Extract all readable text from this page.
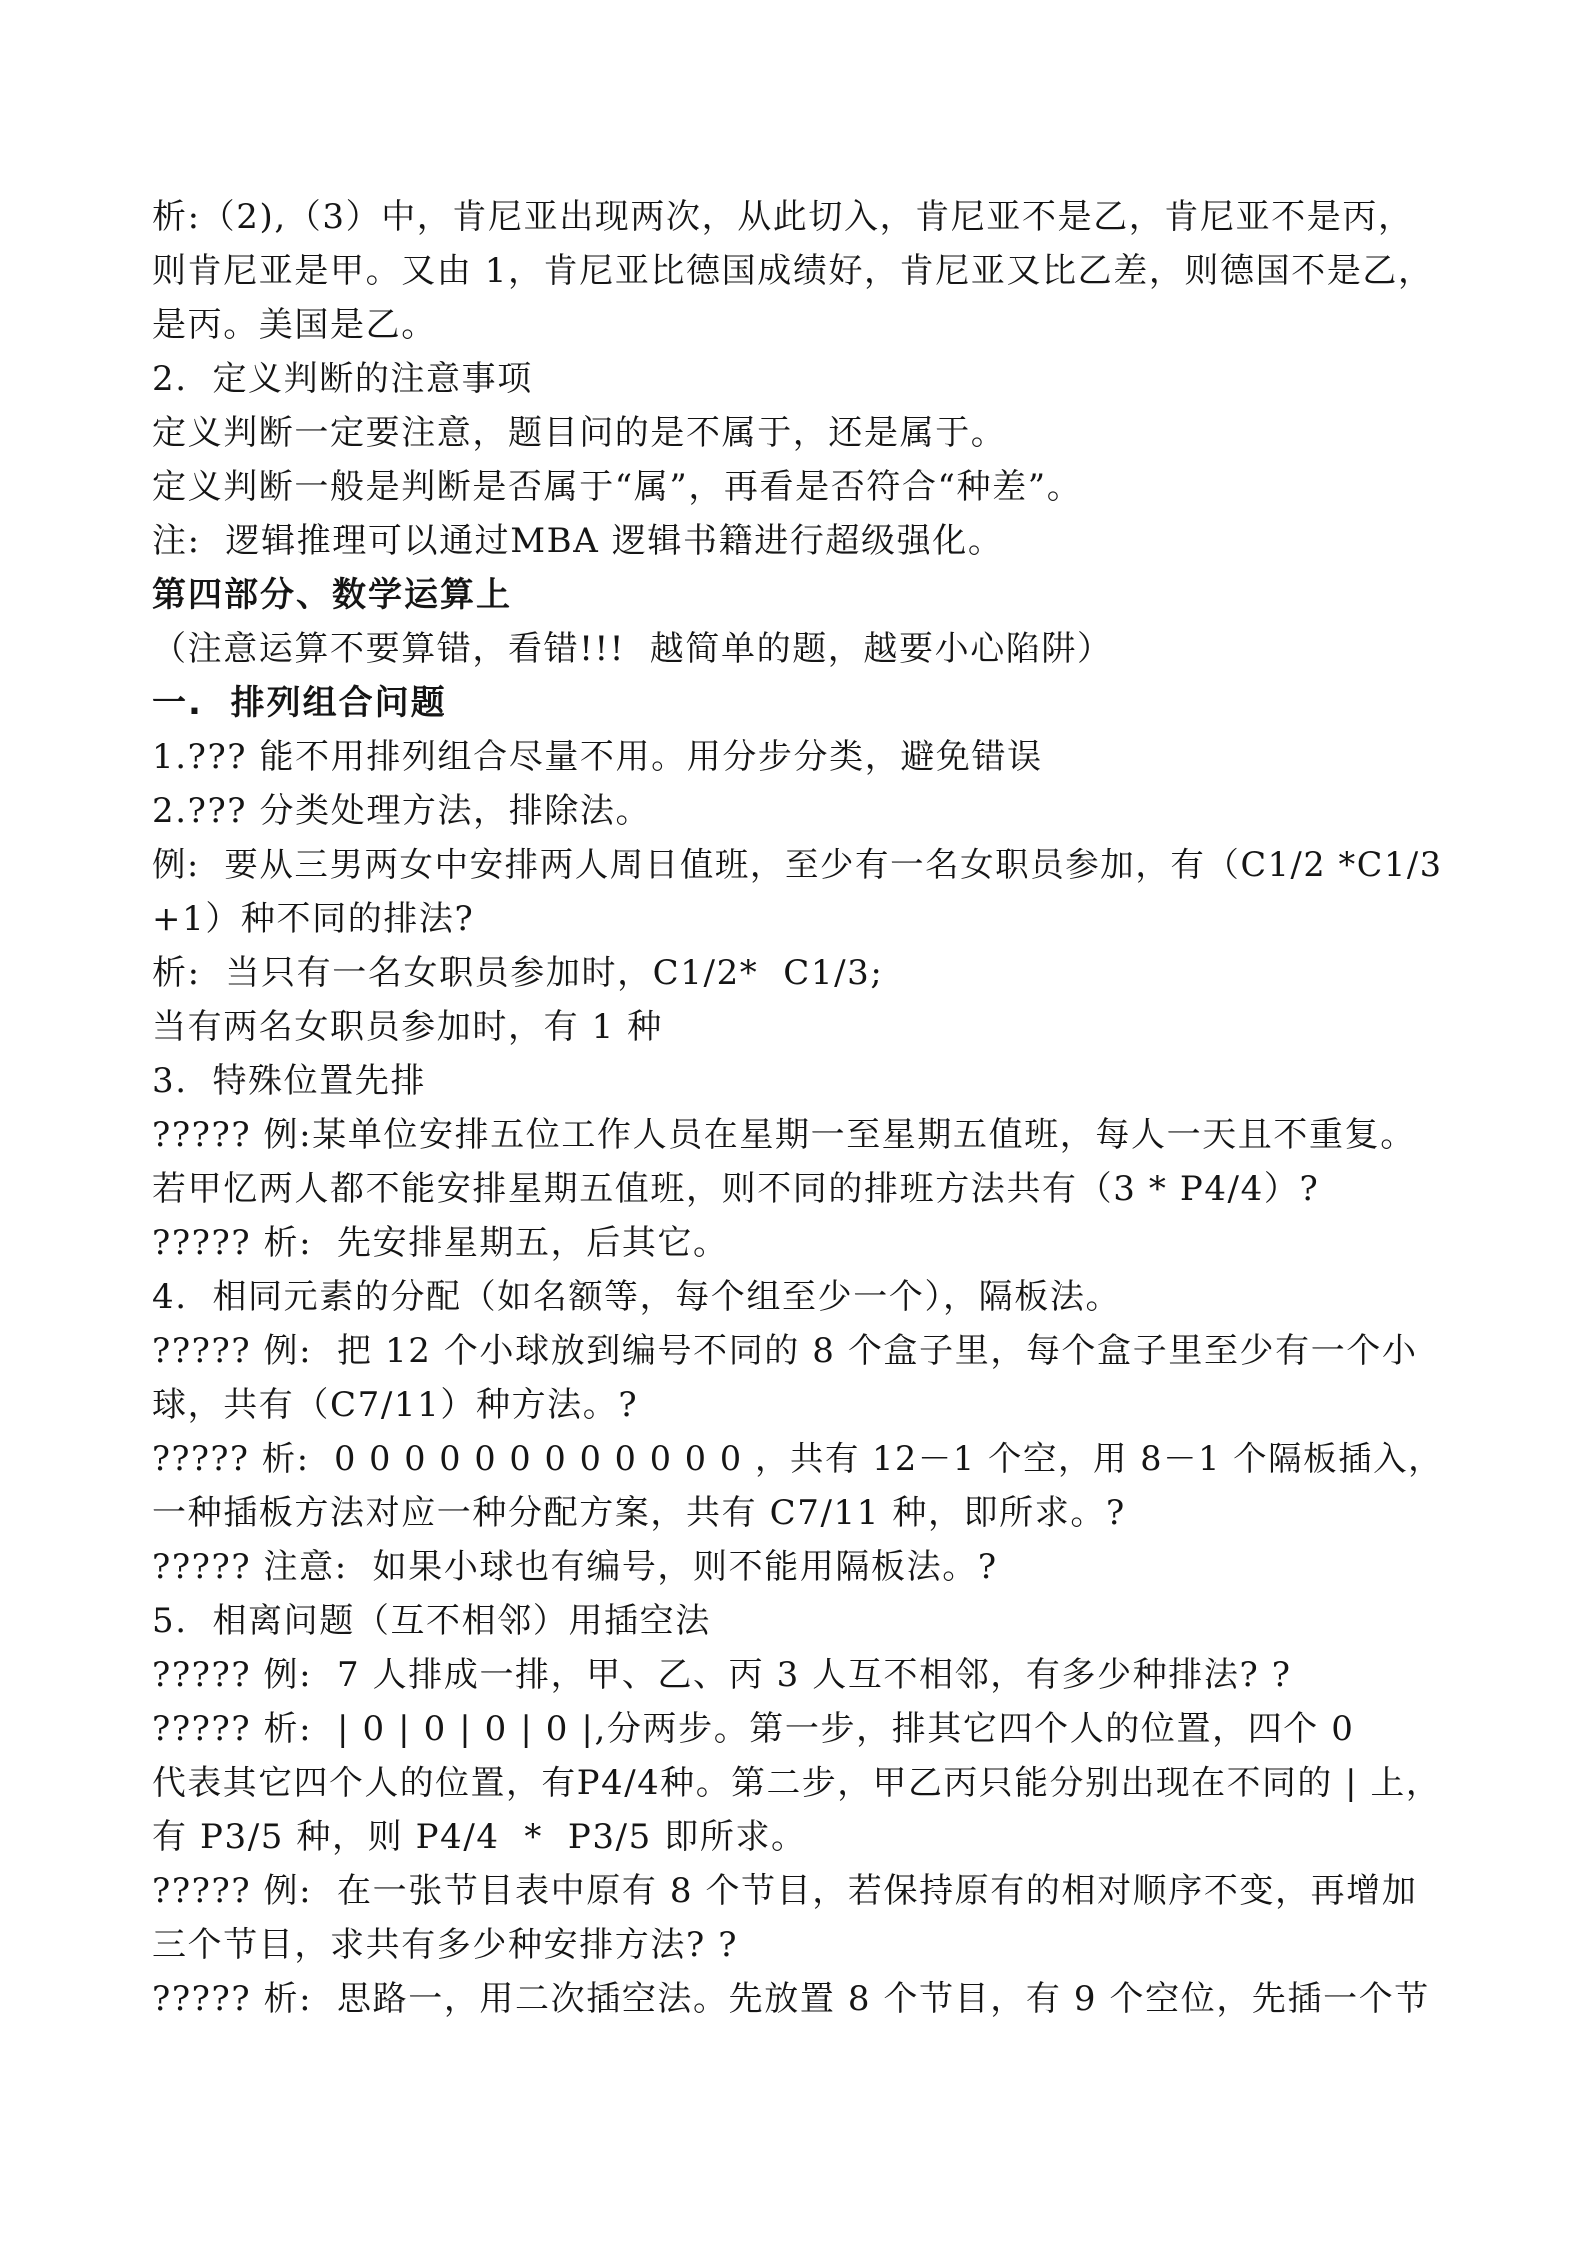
析:（2),（3）中，肯尼亚出现两次，从此切入，肯尼亚不是乙，肯尼亚不是丙，
则肯尼亚是甲。又由 1，肯尼亚比德国成绩好，肯尼亚又比乙差，则德国不是乙，
是丙。美国是乙。
2.  定义判断的注意事项
定义判断一定要注意，题目问的是不属于，还是属于。
定义判断一般是判断是否属于“属”，再看是否符合“种差”。
注:  逻辑推理可以通过MBA 逻辑书籍进行超级强化。
第四部分、数学运算上
（注意运算不要算错，看错!!!  越简单的题，越要小心陷阱）
一.  排列组合问题
1.??? 能不用排列组合尽量不用。用分步分类，避免错误
2.??? 分类处理方法，排除法。
例:  要从三男两女中安排两人周日值班，至少有一名女职员参加，有（C1/2 *C1/3
+1）种不同的排法?
析:  当只有一名女职员参加时，C1/2*  C1/3;
当有两名女职员参加时，有 1 种
3.  特殊位置先排
????? 例:某单位安排五位工作人员在星期一至星期五值班，每人一天且不重复。
若甲忆两人都不能安排星期五值班，则不同的排班方法共有（3 * P4/4）?
????? 析:  先安排星期五，后其它。
4.  相同元素的分配（如名额等，每个组至少一个），隔板法。
????? 例:  把 12 个小球放到编号不同的 8 个盒子里，每个盒子里至少有一个小
球，共有（C7/11）种方法。?
????? 析:  0 0 0 0 0 0 0 0 0 0 0 0 ，共有 12－1 个空，用 8－1 个隔板插入，
一种插板方法对应一种分配方案，共有 C7/11 种，即所求。?
????? 注意:  如果小球也有编号，则不能用隔板法。?
5.  相离问题（互不相邻）用插空法
????? 例:  7 人排成一排，甲、乙、丙 3 人互不相邻，有多少种排法? ?
????? 析:  | 0 | 0 | 0 | 0 |,分两步。第一步，排其它四个人的位置，四个 0
代表其它四个人的位置，有P4/4种。第二步，甲乙丙只能分别出现在不同的 | 上，
有 P3/5 种，则 P4/4  *  P3/5 即所求。
????? 例:  在一张节目表中原有 8 个节目，若保持原有的相对顺序不变，再增加
三个节目，求共有多少种安排方法? ?
????? 析:  思路一，用二次插空法。先放置 8 个节目，有 9 个空位，先插一个节
